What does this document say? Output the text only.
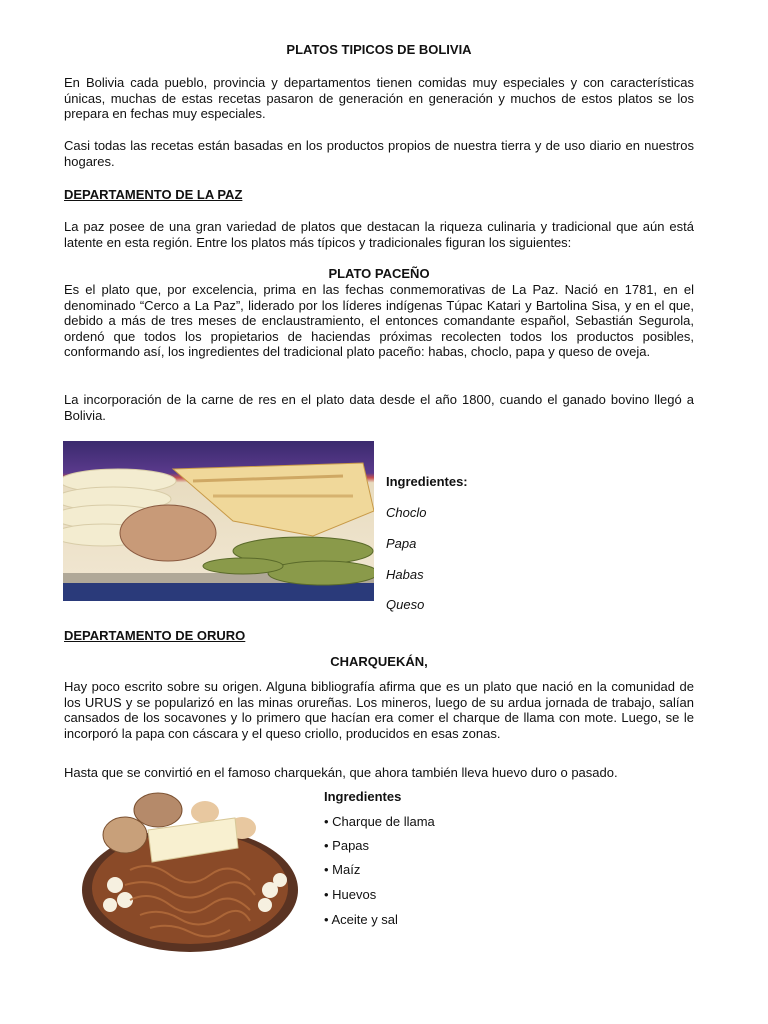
PLATOS TIPICOS DE BOLIVIA
En Bolivia cada pueblo, provincia y departamentos tienen comidas muy especiales y con características únicas, muchas de estas recetas pasaron de generación en generación y muchos de estos platos se los prepara en fechas muy especiales.
Casi todas las recetas están basadas en los productos propios de nuestra tierra y de uso diario en nuestros hogares.
DEPARTAMENTO DE LA PAZ
La paz posee de una gran variedad de platos que destacan la riqueza culinaria y tradicional que aún está latente en esta región. Entre los platos más típicos y tradicionales figuran los siguientes:
PLATO PACEÑO
Es el plato que, por excelencia, prima en las fechas conmemorativas de La Paz. Nació en 1781, en el denominado “Cerco a La Paz”, liderado por los líderes indígenas Túpac Katari y Bartolina Sisa, y en el que, debido a más de tres meses de enclaustramiento, el entonces comandante español, Sebastián Segurola, ordenó que todos los propietarios de haciendas próximas recolecten todos los productos posibles, conformando así, los ingredientes del tradicional plato paceño: habas, choclo, papa y queso de oveja.
La incorporación de la carne de res en el plato data desde el año 1800, cuando el ganado bovino llegó a Bolivia.
Ingredientes:
Choclo
Papa
Habas
Queso
DEPARTAMENTO DE ORURO
CHARQUEKÁN,
Hay poco escrito sobre su origen. Alguna bibliografía afirma que es un plato que nació en la comunidad de los URUS y se popularizó en las minas orureñas. Los mineros, luego de su ardua jornada de trabajo, salían cansados de los socavones y lo primero que hacían era comer el charque de llama con mote. Luego, se le incorporó la papa con cáscara y el queso criollo, producidos en esas zonas.
Hasta que se convirtió en el famoso charquekán, que ahora también lleva huevo duro o pasado.
Ingredientes
• Charque de llama
• Papas
• Maíz
• Huevos
• Aceite y sal
